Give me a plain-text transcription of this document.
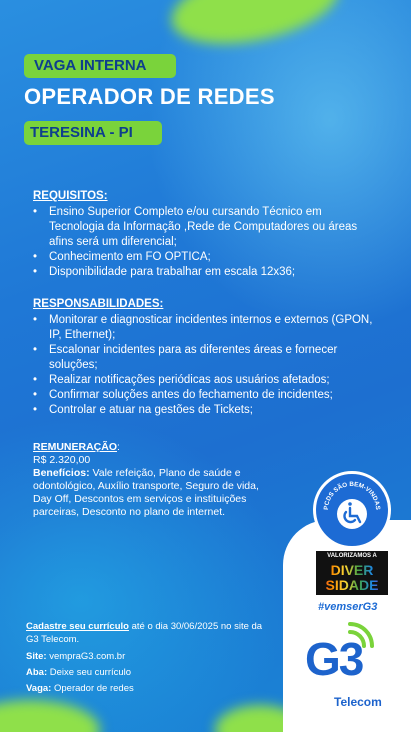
VAGA INTERNA
OPERADOR DE REDES
TERESINA - PI
REQUISITOS:
• Ensino Superior Completo e/ou cursando Técnico em Tecnologia da Informação ,Rede de Computadores ou áreas afins será um diferencial;
• Conhecimento em FO OPTICA;
• Disponibilidade para trabalhar em escala 12x36;
RESPONSABILIDADES:
• Monitorar e diagnosticar incidentes internos e externos (GPON, IP, Ethernet);
• Escalonar incidentes para as diferentes áreas e fornecer soluções;
• Realizar notificações periódicas aos usuários afetados;
• Confirmar soluções antes do fechamento de incidentes;
• Controlar e atuar na gestões de Tickets;
REMUNERAÇÃO:
R$ 2.320,00
Benefícios: Vale refeição, Plano de saúde e odontológico, Auxílio transporte, Seguro de vida, Day Off, Descontos em serviços e instituições parceiras, Desconto no plano de internet.
Cadastre seu currículo até o dia 30/06/2025 no site da G3 Telecom.
Site: vempraG3.com.br
Aba: Deixe seu currículo
Vaga: Operador de redes
PCDS SÃO BEM-VINDAS
VALORIZAMOS A
DIVER
SIDADE
#vemserG3
G3
Telecom
